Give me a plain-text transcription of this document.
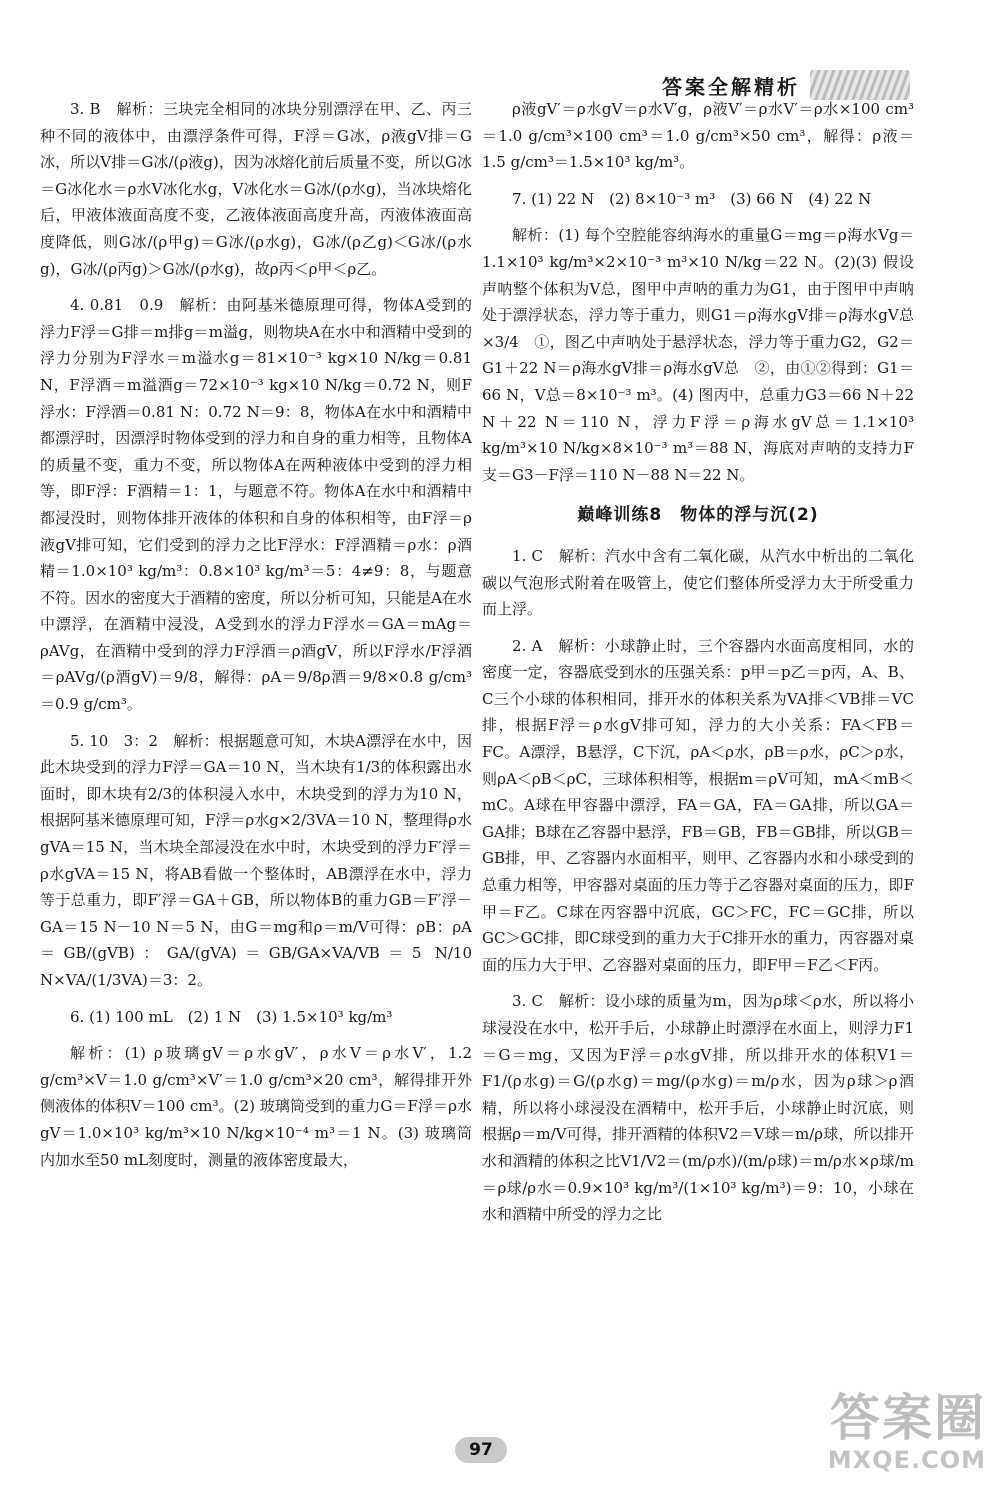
答案全解精析

3. B　解析：三块完全相同的冰块分别漂浮在甲、乙、丙三种不同的液体中，由漂浮条件可得，F浮＝G冰，ρ液gV排＝G冰，所以V排＝G冰/(ρ液g)，因为冰熔化前后质量不变，所以G冰＝G冰化水＝ρ水V冰化水g，V冰化水＝G冰/(ρ水g)，当冰块熔化后，甲液体液面高度不变，乙液体液面高度升高，丙液体液面高度降低，则G冰/(ρ甲g)＝G冰/(ρ水g)，G冰/(ρ乙g)＜G冰/(ρ水g)，G冰/(ρ丙g)＞G冰/(ρ水g)，故ρ丙＜ρ甲＜ρ乙。

4. 0.81　0.9　解析：由阿基米德原理可得，物体A受到的浮力F浮＝G排＝m排g＝m溢g，则物块A在水中和酒精中受到的浮力分别为F浮水＝m溢水g＝81×10⁻³ kg×10 N/kg＝0.81 N，F浮酒＝m溢酒g＝72×10⁻³ kg×10 N/kg＝0.72 N，则F浮水：F浮酒＝0.81 N：0.72 N＝9：8，物体A在水中和酒精中都漂浮时，因漂浮时物体受到的浮力和自身的重力相等，且物体A的质量不变，重力不变，所以物体A在两种液体中受到的浮力相等，即F浮：F酒精＝1：1，与题意不符。物体A在水中和酒精中都浸没时，则物体排开液体的体积和自身的体积相等，由F浮＝ρ液gV排可知，它们受到的浮力之比F浮水：F浮酒精＝ρ水：ρ酒精＝1.0×10³ kg/m³：0.8×10³ kg/m³＝5：4≠9：8，与题意不符。因水的密度大于酒精的密度，所以分析可知，只能是A在水中漂浮，在酒精中浸没，A受到水的浮力F浮水＝GA＝mAg＝ρAVg，在酒精中受到的浮力F浮酒＝ρ酒gV，所以F浮水/F浮酒＝ρAVg/(ρ酒gV)＝9/8，解得：ρA＝9/8ρ酒＝9/8×0.8 g/cm³＝0.9 g/cm³。

5. 10　3：2　解析：根据题意可知，木块A漂浮在水中，因此木块受到的浮力F浮＝GA＝10 N，当木块有1/3的体积露出水面时，即木块有2/3的体积浸入水中，木块受到的浮力为10 N，根据阿基米德原理可知，F浮＝ρ水g×2/3VA＝10 N，整理得ρ水gVA＝15 N，当木块全部浸没在水中时，木块受到的浮力F′浮＝ρ水gVA＝15 N，将AB看做一个整体时，AB漂浮在水中，浮力等于总重力，即F′浮＝GA＋GB，所以物体B的重力GB＝F′浮－GA＝15 N－10 N＝5 N，由G＝mg和ρ＝m/V可得：ρB：ρA＝GB/(gVB)：GA/(gVA)＝GB/GA×VA/VB＝5 N/10 N×VA/(1/3VA)＝3：2。

6. (1) 100 mL　(2) 1 N　(3) 1.5×10³ kg/m³

解析：(1) ρ玻璃gV＝ρ水gV′，ρ水V＝ρ水V′，1.2 g/cm³×V＝1.0 g/cm³×V′＝1.0 g/cm³×20 cm³，解得排开外侧液体的体积V＝100 cm³。(2) 玻璃筒受到的重力G＝F浮＝ρ水gV＝1.0×10³ kg/m³×10 N/kg×10⁻⁴ m³＝1 N。(3) 玻璃筒内加水至50 mL刻度时，测量的液体密度最大，

ρ液gV′＝ρ水gV＝ρ水V′g，ρ液V′＝ρ水V′＝ρ水×100 cm³＝1.0 g/cm³×100 cm³＝1.0 g/cm³×50 cm³，解得：ρ液＝1.5 g/cm³＝1.5×10³ kg/m³。

7. (1) 22 N　(2) 8×10⁻³ m³　(3) 66 N　(4) 22 N

解析：(1) 每个空腔能容纳海水的重量G＝mg＝ρ海水Vg＝1.1×10³ kg/m³×2×10⁻³ m³×10 N/kg＝22 N。(2)(3) 假设声呐整个体积为V总，图甲中声呐的重力为G1，由于图甲中声呐处于漂浮状态，浮力等于重力，则G1＝ρ海水gV排＝ρ海水gV总×3/4　①，图乙中声呐处于悬浮状态，浮力等于重力G2，G2＝G1＋22 N＝ρ海水gV排＝ρ海水gV总　②，由①②得到：G1＝66 N，V总＝8×10⁻³ m³。(4) 图丙中，总重力G3＝66 N＋22 N＋22 N＝110 N，浮力F浮＝ρ海水gV总＝1.1×10³ kg/m³×10 N/kg×8×10⁻³ m³＝88 N，海底对声呐的支持力F支＝G3－F浮＝110 N－88 N＝22 N。

巅峰训练8　物体的浮与沉(2)

1. C　解析：汽水中含有二氧化碳，从汽水中析出的二氧化碳以气泡形式附着在吸管上，使它们整体所受浮力大于所受重力而上浮。

2. A　解析：小球静止时，三个容器内水面高度相同，水的密度一定，容器底受到水的压强关系：p甲＝p乙＝p丙，A、B、C三个小球的体积相同，排开水的体积关系为VA排＜VB排＝VC排，根据F浮＝ρ水gV排可知，浮力的大小关系：FA＜FB＝FC。A漂浮，B悬浮，C下沉，ρA＜ρ水，ρB＝ρ水，ρC＞ρ水，则ρA＜ρB＜ρC，三球体积相等，根据m＝ρV可知，mA＜mB＜mC。A球在甲容器中漂浮，FA＝GA，FA＝GA排，所以GA＝GA排；B球在乙容器中悬浮，FB＝GB，FB＝GB排，所以GB＝GB排，甲、乙容器内水面相平，则甲、乙容器内水和小球受到的总重力相等，甲容器对桌面的压力等于乙容器对桌面的压力，即F甲＝F乙。C球在丙容器中沉底，GC＞FC，FC＝GC排，所以GC＞GC排，即C球受到的重力大于C排开水的重力，丙容器对桌面的压力大于甲、乙容器对桌面的压力，即F甲＝F乙＜F丙。

3. C　解析：设小球的质量为m，因为ρ球＜ρ水，所以将小球浸没在水中，松开手后，小球静止时漂浮在水面上，则浮力F1＝G＝mg，又因为F浮＝ρ水gV排，所以排开水的体积V1＝F1/(ρ水g)＝G/(ρ水g)＝mg/(ρ水g)＝m/ρ水，因为ρ球＞ρ酒精，所以将小球浸没在酒精中，松开手后，小球静止时沉底，则根据ρ＝m/V可得，排开酒精的体积V2＝V球＝m/ρ球，所以排开水和酒精的体积之比V1/V2＝(m/ρ水)/(m/ρ球)＝m/ρ水×ρ球/m＝ρ球/ρ水＝0.9×10³ kg/m³/(1×10³ kg/m³)＝9：10，小球在水和酒精中所受的浮力之比

97
答案圈
MXQE.COM
